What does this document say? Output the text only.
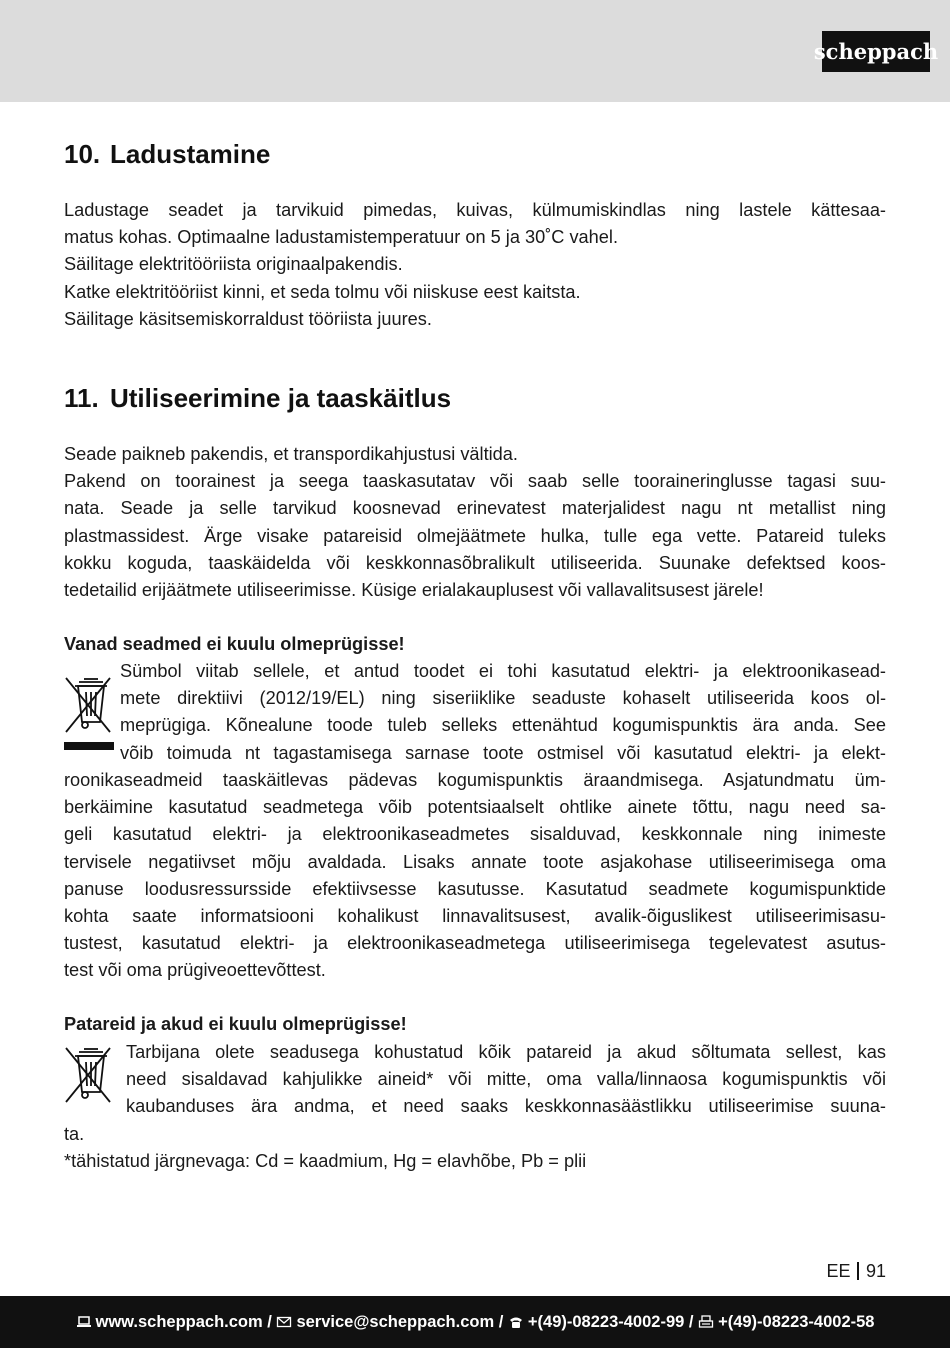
scheppach
10. Ladustamine
Ladustage seadet ja tarvikuid pimedas, kuivas, külmumiskindlas ning lastele kättesaa-
matus kohas. Optimaalne ladustamistemperatuur on 5 ja 30˚C vahel.
Säilitage elektritööriista originaalpakendis.
Katke elektritööriist kinni, et seda tolmu või niiskuse eest kaitsta.
Säilitage käsitsemiskorraldust tööriista juures.
11. Utiliseerimine ja taaskäitlus
Seade paikneb pakendis, et transpordikahjustusi vältida.
Pakend on toorainest ja seega taaskasutatav või saab selle tooraineringlusse tagasi suu-
nata. Seade ja selle tarvikud koosnevad erinevatest materjalidest nagu nt metallist ning
plastmassidest. Ärge visake patareisid olmejäätmete hulka, tulle ega vette. Patareid tuleks
kokku koguda, taaskäidelda või keskkonnasõbralikult utiliseerida. Suunake defektsed koos-
tedetailid erijäätmete utiliseerimisse. Küsige erialakauplusest või vallavalitsusest järele!
Vanad seadmed ei kuulu olmeprügisse!
Sümbol viitab sellele, et antud toodet ei tohi kasutatud elektri- ja elektroonikasead-
mete direktiivi (2012/19/EL) ning siseriiklike seaduste kohaselt utiliseerida koos ol-
meprügiga. Kõnealune toode tuleb selleks ettenähtud kogumispunktis ära anda. See
võib toimuda nt tagastamisega sarnase toote ostmisel või kasutatud elektri- ja elekt-
roonikaseadmeid taaskäitlevas pädevas kogumispunktis äraandmisega. Asjatundmatu üm-
berkäimine kasutatud seadmetega võib potentsiaalselt ohtlike ainete tõttu, nagu need sa-
geli kasutatud elektri- ja elektroonikaseadmetes sisalduvad, keskkonnale ning inimeste
tervisele negatiivset mõju avaldada. Lisaks annate toote asjakohase utiliseerimisega oma
panuse loodusressursside efektiivsesse kasutusse. Kasutatud seadmete kogumispunktide
kohta saate informatsiooni kohalikust linnavalitsusest, avalik-õiguslikest utiliseerimisasu-
tustest, kasutatud elektri- ja elektroonikaseadmetega utiliseerimisega tegelevatest asutus-
test või oma prügiveoettevõttest.
Patareid ja akud ei kuulu olmeprügisse!
Tarbijana olete seadusega kohustatud kõik patareid ja akud sõltumata sellest, kas
need sisaldavad kahjulikke aineid* või mitte, oma valla/linnaosa kogumispunktis või
kaubanduses ära andma, et need saaks keskkonnasäästlikku utiliseerimise suuna-
ta.
*tähistatud järgnevaga: Cd = kaadmium, Hg = elavhõbe, Pb = plii
EE 91
www.scheppach.com /
service@scheppach.com /
+(49)-08223-4002-99 /
+(49)-08223-4002-58
